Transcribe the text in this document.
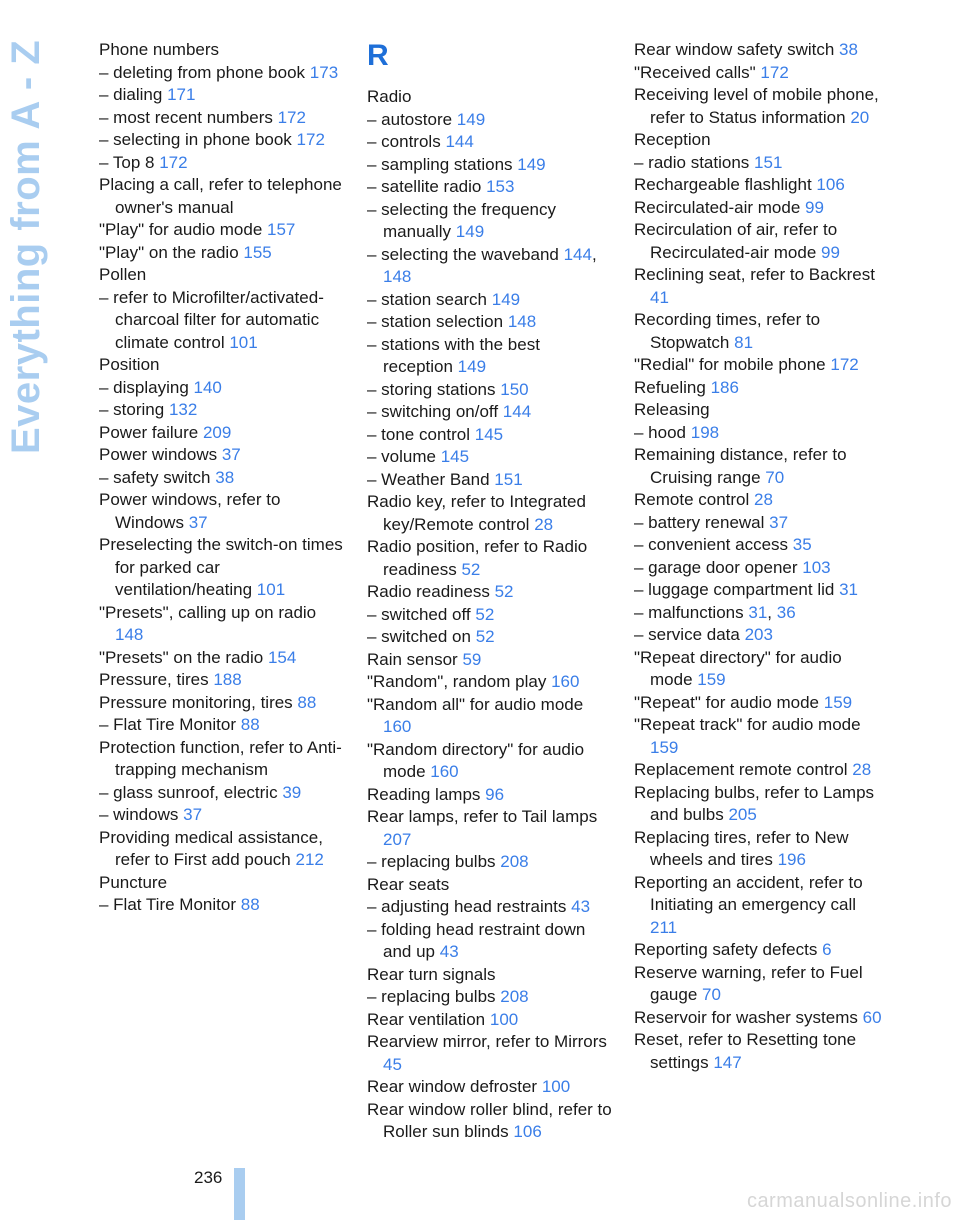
Everything from A - Z	Phone numbers
– deleting from phone book 173
– dialing 171
– most recent numbers 172
– selecting in phone book 172
– Top 8 172
Placing a call, refer to telephone owner's manual
"Play" for audio mode 157
"Play" on the radio 155
Pollen
– refer to Microfilter/activated-charcoal filter for automatic climate control 101
Position
– displaying 140
– storing 132
Power failure 209
Power windows 37
– safety switch 38
Power windows, refer to Windows 37
Preselecting the switch-on times for parked car ventilation/heating 101
"Presets", calling up on radio 148
"Presets" on the radio 154
Pressure, tires 188
Pressure monitoring, tires 88
– Flat Tire Monitor 88
Protection function, refer to Anti-trapping mechanism
– glass sunroof, electric 39
– windows 37
Providing medical assistance, refer to First add pouch 212
Puncture
– Flat Tire Monitor 88
R
Radio
– autostore 149
– controls 144
– sampling stations 149
– satellite radio 153
– selecting the frequency manually 149
– selecting the waveband 144, 148
– station search 149
– station selection 148
– stations with the best reception 149
– storing stations 150
– switching on/off 144
– tone control 145
– volume 145
– Weather Band 151
Radio key, refer to Integrated key/Remote control 28
Radio position, refer to Radio readiness 52
Radio readiness 52
– switched off 52
– switched on 52
Rain sensor 59
"Random", random play 160
"Random all" for audio mode 160
"Random directory" for audio mode 160
Reading lamps 96
Rear lamps, refer to Tail lamps 207
– replacing bulbs 208
Rear seats
– adjusting head restraints 43
– folding head restraint down and up 43
Rear turn signals
– replacing bulbs 208
Rear ventilation 100
Rearview mirror, refer to Mirrors 45
Rear window defroster 100
Rear window roller blind, refer to Roller sun blinds 106
Rear window safety switch 38
"Received calls" 172
Receiving level of mobile phone, refer to Status information 20
Reception
– radio stations 151
Rechargeable flashlight 106
Recirculated-air mode 99
Recirculation of air, refer to Recirculated-air mode 99
Reclining seat, refer to Backrest 41
Recording times, refer to Stopwatch 81
"Redial" for mobile phone 172
Refueling 186
Releasing
– hood 198
Remaining distance, refer to Cruising range 70
Remote control 28
– battery renewal 37
– convenient access 35
– garage door opener 103
– luggage compartment lid 31
– malfunctions 31, 36
– service data 203
"Repeat directory" for audio mode 159
"Repeat" for audio mode 159
"Repeat track" for audio mode 159
Replacement remote control 28
Replacing bulbs, refer to Lamps and bulbs 205
Replacing tires, refer to New wheels and tires 196
Reporting an accident, refer to Initiating an emergency call 211
Reporting safety defects 6
Reserve warning, refer to Fuel gauge 70
Reservoir for washer systems 60
Reset, refer to Resetting tone settings 147
236
carmanualsonline.info
